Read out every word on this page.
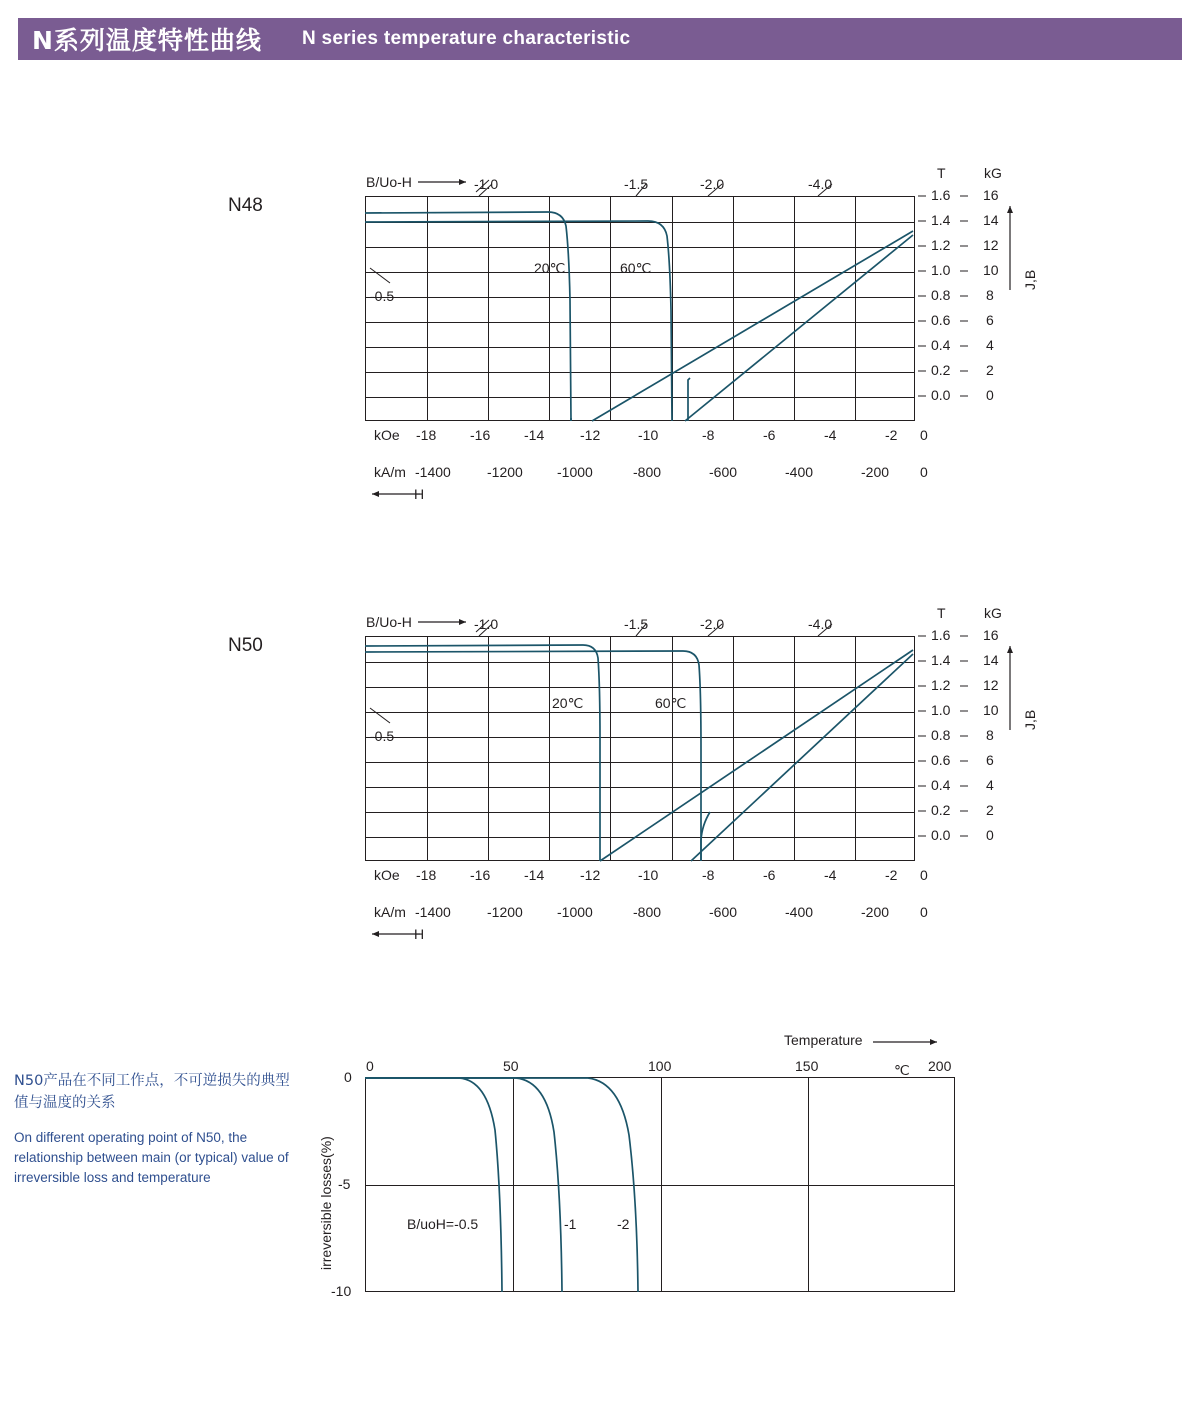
N系列温度特性曲线 N series temperature characteristic
N48
B/Uo-H	-1.0	-1.5	-2.0	-4.0
-0.5
20℃	60℃
T	kG
J,B
1.6
1.4
1.2
1.0
0.8
0.6
0.4
0.2
0.0
16
14
12
10
8
6
4
2
0
kOe -18 -16 -14	-12	-10	-8	-6	-4	-2 0
kA/m -1400	-1200 -1000	-800	-600	-400	-200 0
H
N50
B/Uo-H	-1.0	-1.5	-2.0	-4.0
-0.5
20℃	60℃
T	kG
J,B
1.6
1.4
1.2
1.0
0.8
0.6
0.4
0.2
0.0
16
14
12
10
8
6
4
2
0
kOe -18 -16 -14	-12	-10	-8	-6	-4	-2 0
kA/m -1400	-1200 -1000	-800	-600	-400	-200 0
H
N50产品在不同工作点，不可逆损失的典型值与温度的关系
On different operating point of N50, the relationship between main (or typical) value of irreversible loss and temperature
Temperature
℃
0	50	100	150	200
0
-5
-10
irreversible losses(%)	B/uoH=-0.5	-1	-2
